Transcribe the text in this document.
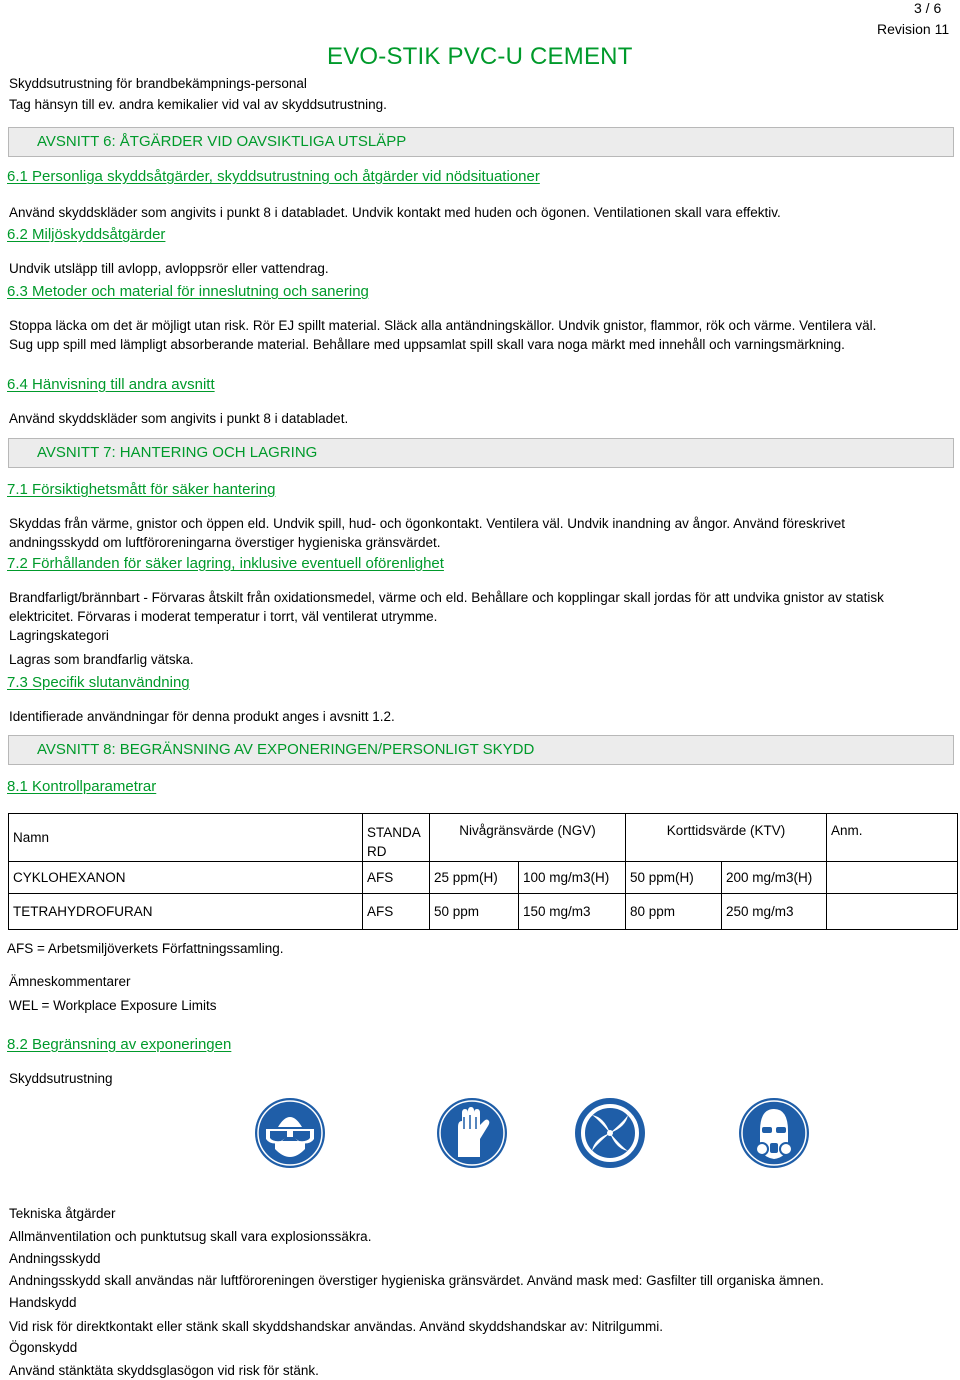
3 / 6
Revision 11
EVO-STIK PVC-U CEMENT
Skyddsutrustning för brandbekämpnings-personal
Tag hänsyn till ev. andra kemikalier vid val av skyddsutrustning.
AVSNITT 6: ÅTGÄRDER VID OAVSIKTLIGA UTSLÄPP
6.1 Personliga skyddsåtgärder, skyddsutrustning och åtgärder vid nödsituationer
Använd skyddskläder som angivits i punkt 8 i databladet. Undvik kontakt med huden och ögonen. Ventilationen skall vara effektiv.
6.2 Miljöskyddsåtgärder
Undvik utsläpp till avlopp, avloppsrör eller vattendrag.
6.3 Metoder och material för inneslutning och sanering
Stoppa läcka om det är möjligt utan risk. Rör EJ spillt material. Släck alla antändningskällor. Undvik gnistor, flammor, rök och värme. Ventilera väl. Sug upp spill med lämpligt absorberande material. Behållare med uppsamlat spill skall vara noga märkt med innehåll och varningsmärkning.
6.4 Hänvisning till andra avsnitt
Använd skyddskläder som angivits i punkt 8 i databladet.
AVSNITT 7: HANTERING OCH LAGRING
7.1 Försiktighetsmått för säker hantering
Skyddas från värme, gnistor och öppen eld. Undvik spill, hud- och ögonkontakt. Ventilera väl. Undvik inandning av ångor. Använd föreskrivet andningsskydd om luftföroreningarna överstiger hygieniska gränsvärdet.
7.2 Förhållanden för säker lagring, inklusive eventuell oförenlighet
Brandfarligt/brännbart - Förvaras åtskilt från oxidationsmedel, värme och eld. Behållare och kopplingar skall jordas för att undvika gnistor av statisk elektricitet. Förvaras i moderat temperatur i torrt, väl ventilerat utrymme.
Lagringskategori
Lagras som brandfarlig vätska.
7.3 Specifik slutanvändning
Identifierade användningar för denna produkt anges i avsnitt 1.2.
AVSNITT 8: BEGRÄNSNING AV EXPONERINGEN/PERSONLIGT SKYDD
8.1 Kontrollparametrar
Namn	STANDARD	Nivågränsvärde (NGV)		Korttidsvärde (KTV)		Anm.
CYKLOHEXANON	AFS	25 ppm(H)	100 mg/m3(H)	50 ppm(H)	200 mg/m3(H)	
TETRAHYDROFURAN	AFS	50 ppm	150 mg/m3	80 ppm	250 mg/m3	
AFS = Arbetsmiljöverkets Författningssamling.
Ämneskommentarer
WEL = Workplace Exposure Limits
8.2 Begränsning av exponeringen
Skyddsutrustning
Tekniska åtgärder
Allmänventilation och punktutsug skall vara explosionssäkra.
Andningsskydd
Andningsskydd skall användas när luftföroreningen överstiger hygieniska gränsvärdet. Använd mask med: Gasfilter till organiska ämnen.
Handskydd
Vid risk för direktkontakt eller stänk skall skyddshandskar användas. Använd skyddshandskar av: Nitrilgummi.
Ögonskydd
Använd stänktäta skyddsglasögon vid risk för stänk.
